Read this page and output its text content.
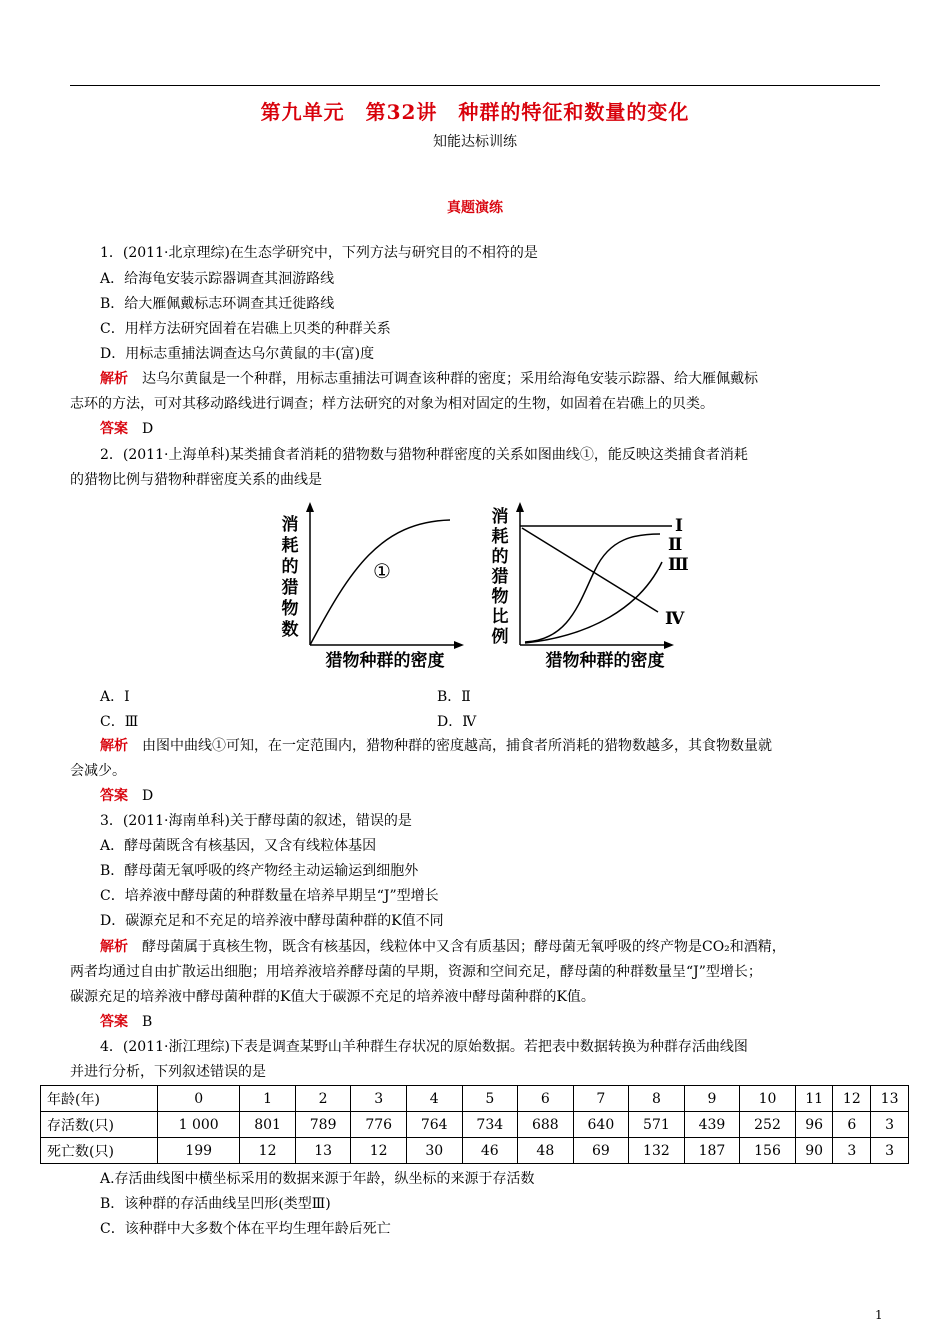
第九单元　第32讲　种群的特征和数量的变化
知能达标训练
真题演练
1．(2011·北京理综)在生态学研究中，下列方法与研究目的不相符的是
A．给海龟安装示踪器调查其洄游路线
B．给大雁佩戴标志环调查其迁徙路线
C．用样方法研究固着在岩礁上贝类的种群关系
D．用标志重捕法调查达乌尔黄鼠的丰(富)度
解析 达乌尔黄鼠是一个种群，用标志重捕法可调查该种群的密度；采用给海龟安装示踪器、给大雁佩戴标
志环的方法，可对其移动路线进行调查；样方法研究的对象为相对固定的生物，如固着在岩礁上的贝类。
答案 D
2．(2011·上海单科)某类捕食者消耗的猎物数与猎物种群密度的关系如图曲线①，能反映这类捕食者消耗
的猎物比例与猎物种群密度关系的曲线是
①
消
耗
的
猎
物
数
猎物种群的密度
Ⅰ
Ⅱ
Ⅲ
Ⅳ
消
耗
的
猎
物
比
例
猎物种群的密度
A．Ⅰ	B．Ⅱ
C．Ⅲ	D．Ⅳ
解析 由图中曲线①可知，在一定范围内，猎物种群的密度越高，捕食者所消耗的猎物数越多，其食物数量就
会减少。
答案 D
3．(2011·海南单科)关于酵母菌的叙述，错误的是
A．酵母菌既含有核基因，又含有线粒体基因
B．酵母菌无氧呼吸的终产物经主动运输运到细胞外
C．培养液中酵母菌的种群数量在培养早期呈“J”型增长
D．碳源充足和不充足的培养液中酵母菌种群的K值不同
解析 酵母菌属于真核生物，既含有核基因，线粒体中又含有质基因；酵母菌无氧呼吸的终产物是CO₂和酒精，
两者均通过自由扩散运出细胞；用培养液培养酵母菌的早期，资源和空间充足，酵母菌的种群数量呈“J”型增长；
碳源充足的培养液中酵母菌种群的K值大于碳源不充足的培养液中酵母菌种群的K值。
答案 B
4．(2011·浙江理综)下表是调查某野山羊种群生存状况的原始数据。若把表中数据转换为种群存活曲线图
并进行分析，下列叙述错误的是
年龄(年)	0	1	2	3	4	5	6	7	8	9	10	11	12	13
存活数(只)	1 000	801	789	776	764	734	688	640	571	439	252	96	6	3
死亡数(只)	199	12	13	12	30	46	48	69	132	187	156	90	3	3
A.存活曲线图中横坐标采用的数据来源于年龄，纵坐标的来源于存活数
B．该种群的存活曲线呈凹形(类型Ⅲ)
C．该种群中大多数个体在平均生理年龄后死亡
1
